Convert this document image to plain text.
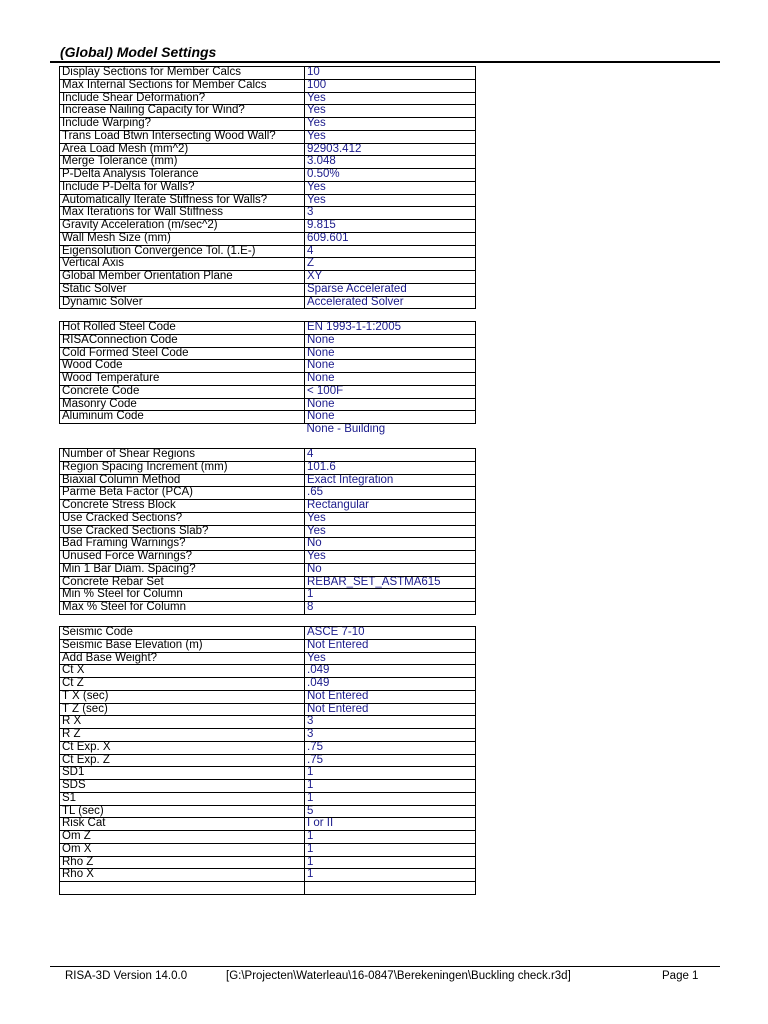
(Global) Model Settings
Display Sections for Member Calcs	10
Max Internal Sections for Member Calcs	100
Include Shear Deformation?	Yes
Increase Nailing Capacity for Wind?	Yes
Include Warping?	Yes
Trans Load Btwn Intersecting Wood Wall?	Yes
Area Load Mesh (mm^2)	92903.412
Merge Tolerance (mm)	3.048
P-Delta Analysis Tolerance	0.50%
Include P-Delta for Walls?	Yes
Automatically Iterate Stiffness for Walls?	Yes
Max Iterations for Wall Stiffness	3
Gravity Acceleration (m/sec^2)	9.815
Wall Mesh Size (mm)	609.601
Eigensolution Convergence Tol. (1.E-)	4
Vertical Axis	Z
Global Member Orientation Plane	XY
Static Solver	Sparse Accelerated
Dynamic Solver	Accelerated Solver
Hot Rolled Steel Code	EN 1993-1-1:2005
RISAConnection Code	None
Cold Formed Steel Code	None
Wood Code	None
Wood Temperature	None
Concrete Code	< 100F
Masonry Code	None
Aluminum Code	None
	None - Building
Number of Shear Regions	4
Region Spacing Increment (mm)	101.6
Biaxial Column Method	Exact Integration
Parme Beta Factor (PCA)	.65
Concrete Stress Block	Rectangular
Use Cracked Sections?	Yes
Use Cracked Sections Slab?	Yes
Bad Framing Warnings?	No
Unused Force Warnings?	Yes
Min 1 Bar Diam. Spacing?	No
Concrete Rebar Set	REBAR_SET_ASTMA615
Min % Steel for Column	1
Max % Steel for Column	8
Seismic Code	ASCE 7-10
Seismic Base Elevation (m)	Not Entered
Add Base Weight?	Yes
Ct X	.049
Ct Z	.049
T X (sec)	Not Entered
T Z (sec)	Not Entered
R X	3
R Z	3
Ct Exp. X	.75
Ct Exp. Z	.75
SD1	1
SDS	1
S1	1
TL (sec)	5
Risk Cat	I or II
Om Z	1
Om X	1
Rho Z	1
Rho X	1

RISA-3D Version 14.0.0	[G:\Projecten\Waterleau\16-0847\Berekeningen\Buckling check.r3d]	Page 1
